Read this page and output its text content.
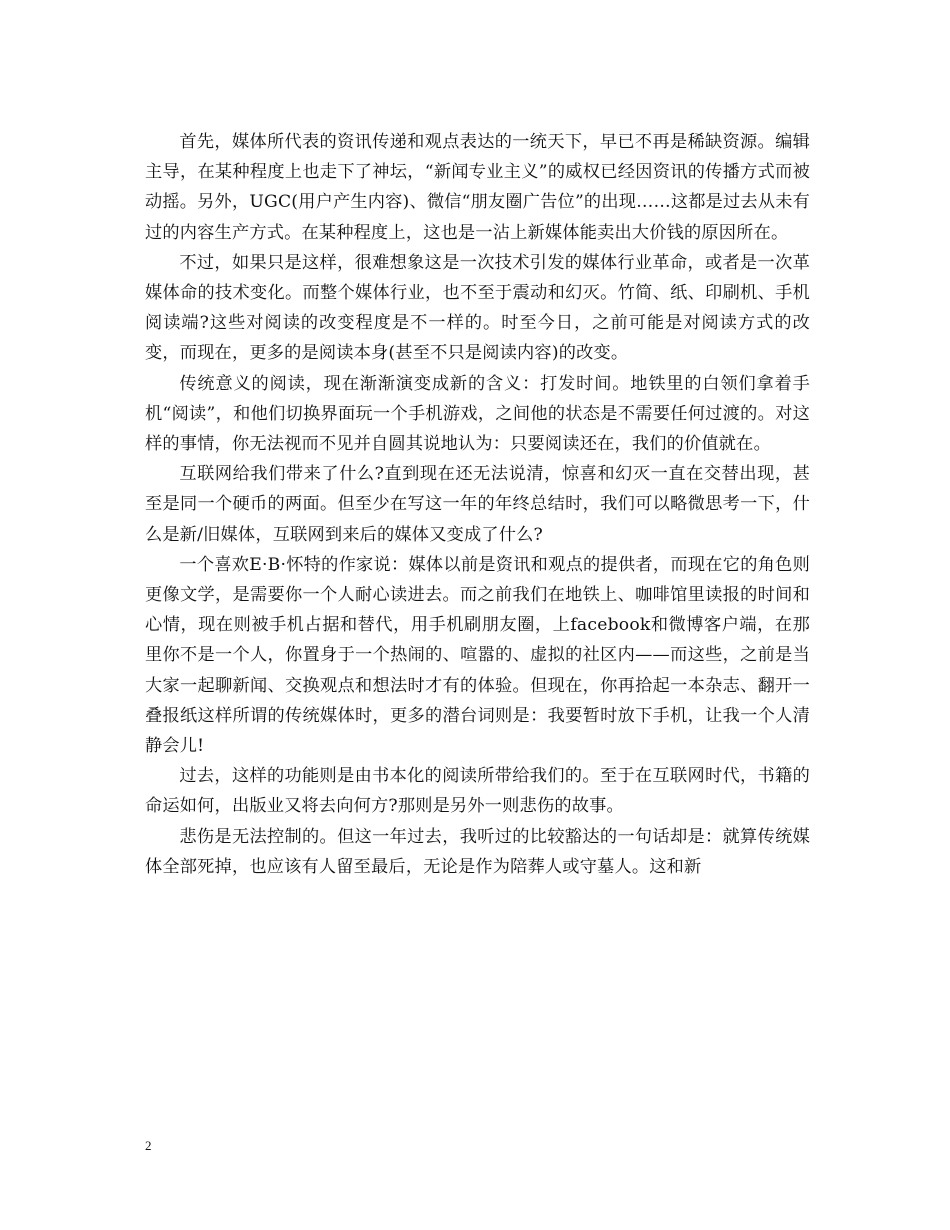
首先，媒体所代表的资讯传递和观点表达的一统天下，早已不再是稀缺资源。编辑主导，在某种程度上也走下了神坛，“新闻专业主义”的威权已经因资讯的传播方式而被动摇。另外，UGC(用户产生内容)、微信“朋友圈广告位”的出现……这都是过去从未有过的内容生产方式。在某种程度上，这也是一沾上新媒体能卖出大价钱的原因所在。

不过，如果只是这样，很难想象这是一次技术引发的媒体行业革命，或者是一次革媒体命的技术变化。而整个媒体行业，也不至于震动和幻灭。竹简、纸、印刷机、手机阅读端?这些对阅读的改变程度是不一样的。时至今日，之前可能是对阅读方式的改变，而现在，更多的是阅读本身(甚至不只是阅读内容)的改变。

传统意义的阅读，现在渐渐演变成新的含义：打发时间。地铁里的白领们拿着手机“阅读”，和他们切换界面玩一个手机游戏，之间他的状态是不需要任何过渡的。对这样的事情，你无法视而不见并自圆其说地认为：只要阅读还在，我们的价值就在。

互联网给我们带来了什么?直到现在还无法说清，惊喜和幻灭一直在交替出现，甚至是同一个硬币的两面。但至少在写这一年的年终总结时，我们可以略微思考一下，什么是新/旧媒体，互联网到来后的媒体又变成了什么?

一个喜欢E·B·怀特的作家说：媒体以前是资讯和观点的提供者，而现在它的角色则更像文学，是需要你一个人耐心读进去。而之前我们在地铁上、咖啡馆里读报的时间和心情，现在则被手机占据和替代，用手机刷朋友圈，上facebook和微博客户端，在那里你不是一个人，你置身于一个热闹的、喧嚣的、虚拟的社区内——而这些，之前是当大家一起聊新闻、交换观点和想法时才有的体验。但现在，你再拾起一本杂志、翻开一叠报纸这样所谓的传统媒体时，更多的潜台词则是：我要暂时放下手机，让我一个人清静会儿!

过去，这样的功能则是由书本化的阅读所带给我们的。至于在互联网时代，书籍的命运如何，出版业又将去向何方?那则是另外一则悲伤的故事。

悲伤是无法控制的。但这一年过去，我听过的比较豁达的一句话却是：就算传统媒体全部死掉，也应该有人留至最后，无论是作为陪葬人或守墓人。这和新

2
